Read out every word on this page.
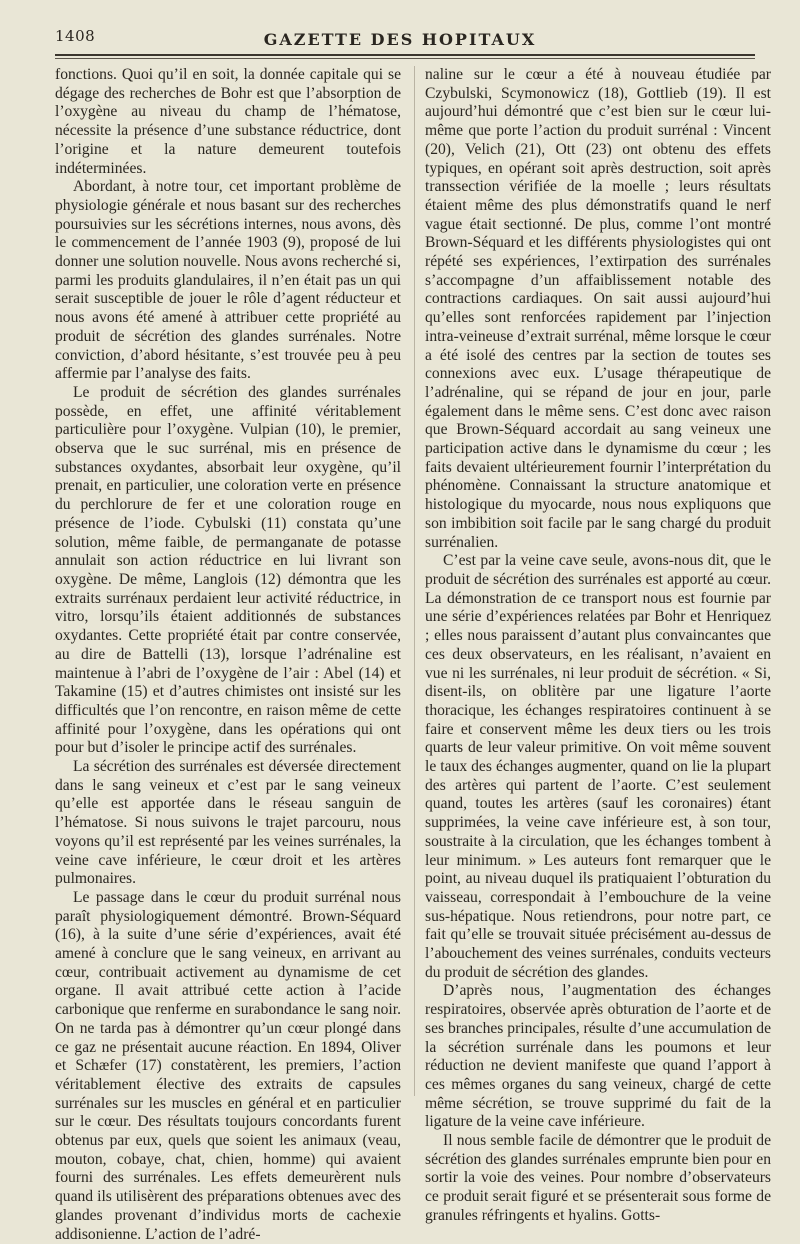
1408	GAZETTE DES HOPITAUX

fonctions. Quoi qu’il en soit, la donnée capitale qui se dégage des recherches de Bohr est que l’absorption de l’oxygène au niveau du champ de l’hématose, nécessite la présence d’une substance réductrice, dont l’origine et la nature demeurent toutefois indéterminées.

Abordant, à notre tour, cet important problème de physiologie générale et nous basant sur des recherches poursuivies sur les sécrétions internes, nous avons, dès le commencement de l’année 1903 (9), proposé de lui donner une solution nouvelle. Nous avons recherché si, parmi les produits glandulaires, il n’en était pas un qui serait susceptible de jouer le rôle d’agent réducteur et nous avons été amené à attribuer cette propriété au produit de sécrétion des glandes surrénales. Notre conviction, d’abord hésitante, s’est trouvée peu à peu affermie par l’analyse des faits.

Le produit de sécrétion des glandes surrénales possède, en effet, une affinité véritablement particulière pour l’oxygène. Vulpian (10), le premier, observa que le suc surrénal, mis en présence de substances oxydantes, absorbait leur oxygène, qu’il prenait, en particulier, une coloration verte en présence du perchlorure de fer et une coloration rouge en présence de l’iode. Cybulski (11) constata qu’une solution, même faible, de permanganate de potasse annulait son action réductrice en lui livrant son oxygène. De même, Langlois (12) démontra que les extraits surrénaux perdaient leur activité réductrice, in vitro, lorsqu’ils étaient additionnés de substances oxydantes. Cette propriété était par contre conservée, au dire de Battelli (13), lorsque l’adrénaline est maintenue à l’abri de l’oxygène de l’air : Abel (14) et Takamine (15) et d’autres chimistes ont insisté sur les difficultés que l’on rencontre, en raison même de cette affinité pour l’oxygène, dans les opérations qui ont pour but d’isoler le principe actif des surrénales.

La sécrétion des surrénales est déversée directement dans le sang veineux et c’est par le sang veineux qu’elle est apportée dans le réseau sanguin de l’hématose. Si nous suivons le trajet parcouru, nous voyons qu’il est représenté par les veines surrénales, la veine cave inférieure, le cœur droit et les artères pulmonaires.

Le passage dans le cœur du produit surrénal nous paraît physiologiquement démontré. Brown-Séquard (16), à la suite d’une série d’expériences, avait été amené à conclure que le sang veineux, en arrivant au cœur, contribuait activement au dynamisme de cet organe. Il avait attribué cette action à l’acide carbonique que renferme en surabondance le sang noir. On ne tarda pas à démontrer qu’un cœur plongé dans ce gaz ne présentait aucune réaction. En 1894, Oliver et Schæfer (17) constatèrent, les premiers, l’action véritablement élective des extraits de capsules surrénales sur les muscles en général et en particulier sur le cœur. Des résultats toujours concordants furent obtenus par eux, quels que soient les animaux (veau, mouton, cobaye, chat, chien, homme) qui avaient fourni des surrénales. Les effets demeurèrent nuls quand ils utilisèrent des préparations obtenues avec des glandes provenant d’individus morts de cachexie addisonienne. L’action de l’adré-

naline sur le cœur a été à nouveau étudiée par Czybulski, Scymonowicz (18), Gottlieb (19). Il est aujourd’hui démontré que c’est bien sur le cœur lui-même que porte l’action du produit surrénal : Vincent (20), Velich (21), Ott (23) ont obtenu des effets typiques, en opérant soit après destruction, soit après transsection vérifiée de la moelle ; leurs résultats étaient même des plus démonstratifs quand le nerf vague était sectionné. De plus, comme l’ont montré Brown-Séquard et les différents physiologistes qui ont répété ses expériences, l’extirpation des surrénales s’accompagne d’un affaiblissement notable des contractions cardiaques. On sait aussi aujourd’hui qu’elles sont renforcées rapidement par l’injection intra-veineuse d’extrait surrénal, même lorsque le cœur a été isolé des centres par la section de toutes ses connexions avec eux. L’usage thérapeutique de l’adrénaline, qui se répand de jour en jour, parle également dans le même sens. C’est donc avec raison que Brown-Séquard accordait au sang veineux une participation active dans le dynamisme du cœur ; les faits devaient ultérieurement fournir l’interprétation du phénomène. Connaissant la structure anatomique et histologique du myocarde, nous nous expliquons que son imbibition soit facile par le sang chargé du produit surrénalien.

C’est par la veine cave seule, avons-nous dit, que le produit de sécrétion des surrénales est apporté au cœur. La démonstration de ce transport nous est fournie par une série d’expériences relatées par Bohr et Henriquez ; elles nous paraissent d’autant plus convaincantes que ces deux observateurs, en les réalisant, n’avaient en vue ni les surrénales, ni leur produit de sécrétion. « Si, disent-ils, on oblitère par une ligature l’aorte thoracique, les échanges respiratoires continuent à se faire et conservent même les deux tiers ou les trois quarts de leur valeur primitive. On voit même souvent le taux des échanges augmenter, quand on lie la plupart des artères qui partent de l’aorte. C’est seulement quand, toutes les artères (sauf les coronaires) étant supprimées, la veine cave inférieure est, à son tour, soustraite à la circulation, que les échanges tombent à leur minimum. » Les auteurs font remarquer que le point, au niveau duquel ils pratiquaient l’obturation du vaisseau, correspondait à l’embouchure de la veine sus-hépatique. Nous retiendrons, pour notre part, ce fait qu’elle se trouvait située précisément au-dessus de l’abouchement des veines surrénales, conduits vecteurs du produit de sécrétion des glandes.

D’après nous, l’augmentation des échanges respiratoires, observée après obturation de l’aorte et de ses branches principales, résulte d’une accumulation de la sécrétion surrénale dans les poumons et leur réduction ne devient manifeste que quand l’apport à ces mêmes organes du sang veineux, chargé de cette même sécrétion, se trouve supprimé du fait de la ligature de la veine cave inférieure.

Il nous semble facile de démontrer que le produit de sécrétion des glandes surrénales emprunte bien pour en sortir la voie des veines. Pour nombre d’observateurs ce produit serait figuré et se présenterait sous forme de granules réfringents et hyalins. Gotts-
